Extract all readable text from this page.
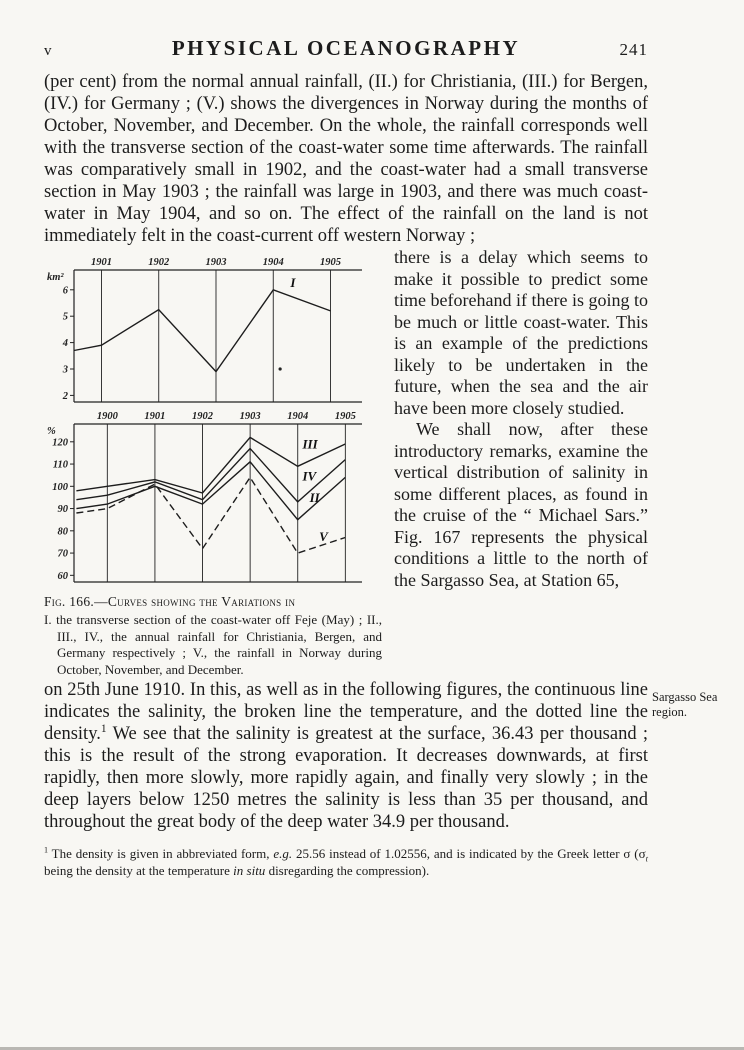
v	PHYSICAL OCEANOGRAPHY	241

(per cent) from the normal annual rainfall, (II.) for Christiania, (III.) for Bergen, (IV.) for Germany ; (V.) shows the divergences in Norway during the months of October, November, and December. On the whole, the rainfall corresponds well with the transverse section of the coast-water some time afterwards. The rainfall was comparatively small in 1902, and the coast-water had a small transverse section in May 1903 ; the rainfall was large in 1903, and there was much coast-water in May 1904, and so on. The effect of the rainfall on the land is not immediately felt in the coast-current off western Norway ;

1901	1902	1903	1904	1905
6
5
4
3
2
km²	I
1900	1901	1902	1903	1904	1905
120
110
100
90
80
70
60
%
III
IV
II
V
Fig. 166.—Curves showing the Variations in
I. the transverse section of the coast-water off Feje (May) ; II., III., IV., the annual rainfall for Christiania, Bergen, and Germany respectively ; V., the rainfall in Norway during October, November, and December.

there is a delay which seems to make it possible to predict some time beforehand if there is going to be much or little coast-water. This is an example of the predictions likely to be undertaken in the future, when the sea and the air have been more closely studied.

We shall now, after these introductory remarks, examine the vertical distribution of salinity in some different places, as found in the cruise of the “ Michael Sars.” Fig. 167 represents the physical conditions a little to the north of the Sargasso Sea, at Station 65,

Sargasso Sea region.

on 25th June 1910. In this, as well as in the following figures, the continuous line indicates the salinity, the broken line the temperature, and the dotted line the density.$^1$ We see that the salinity is greatest at the surface, 36.43 per thousand ; this is the result of the strong evaporation. It decreases downwards, at first rapidly, then more slowly, more rapidly again, and finally very slowly ; in the deep layers below 1250 metres the salinity is less than 35 per thousand, and throughout the great body of the deep water 34.9 per thousand.

$^1$ The density is given in abbreviated form, e.g. 25.56 instead of 1.02556, and is indicated by the Greek letter σ ($\sigma_t$ being the density at the temperature in situ disregarding the compression).
